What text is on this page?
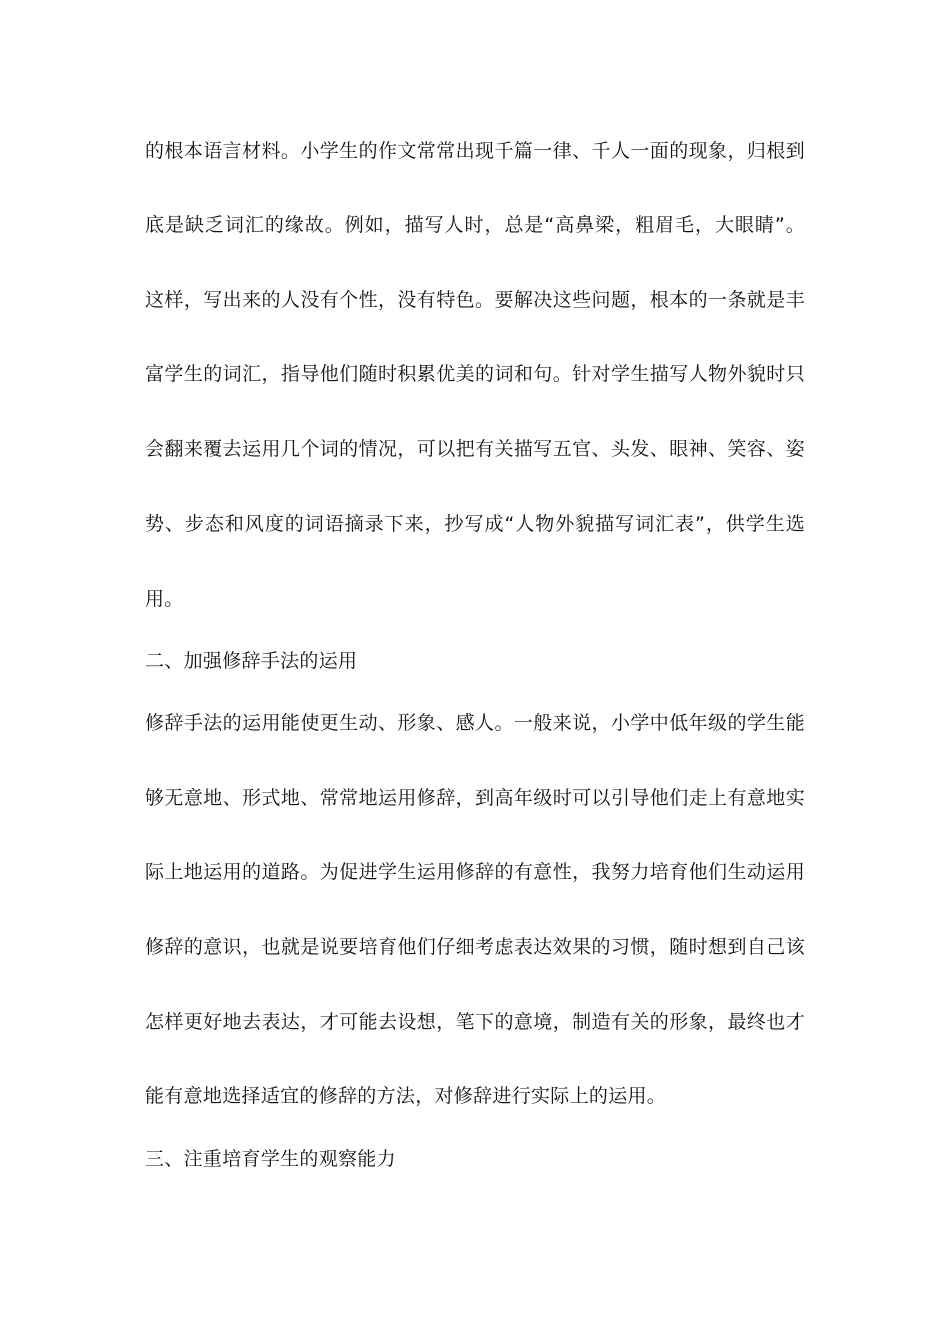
的根本语言材料。小学生的作文常常出现千篇一律、千人一面的现象，归根到
底是缺乏词汇的缘故。例如，描写人时，总是“高鼻梁，粗眉毛，大眼睛”。
这样，写出来的人没有个性，没有特色。要解决这些问题，根本的一条就是丰
富学生的词汇，指导他们随时积累优美的词和句。针对学生描写人物外貌时只
会翻来覆去运用几个词的情况，可以把有关描写五官、头发、眼神、笑容、姿
势、步态和风度的词语摘录下来，抄写成“人物外貌描写词汇表”，供学生选
用。
二、加强修辞手法的运用
修辞手法的运用能使更生动、形象、感人。一般来说，小学中低年级的学生能
够无意地、形式地、常常地运用修辞，到高年级时可以引导他们走上有意地实
际上地运用的道路。为促进学生运用修辞的有意性，我努力培育他们生动运用
修辞的意识，也就是说要培育他们仔细考虑表达效果的习惯，随时想到自己该
怎样更好地去表达，才可能去设想，笔下的意境，制造有关的形象，最终也才
能有意地选择适宜的修辞的方法，对修辞进行实际上的运用。
三、注重培育学生的观察能力
